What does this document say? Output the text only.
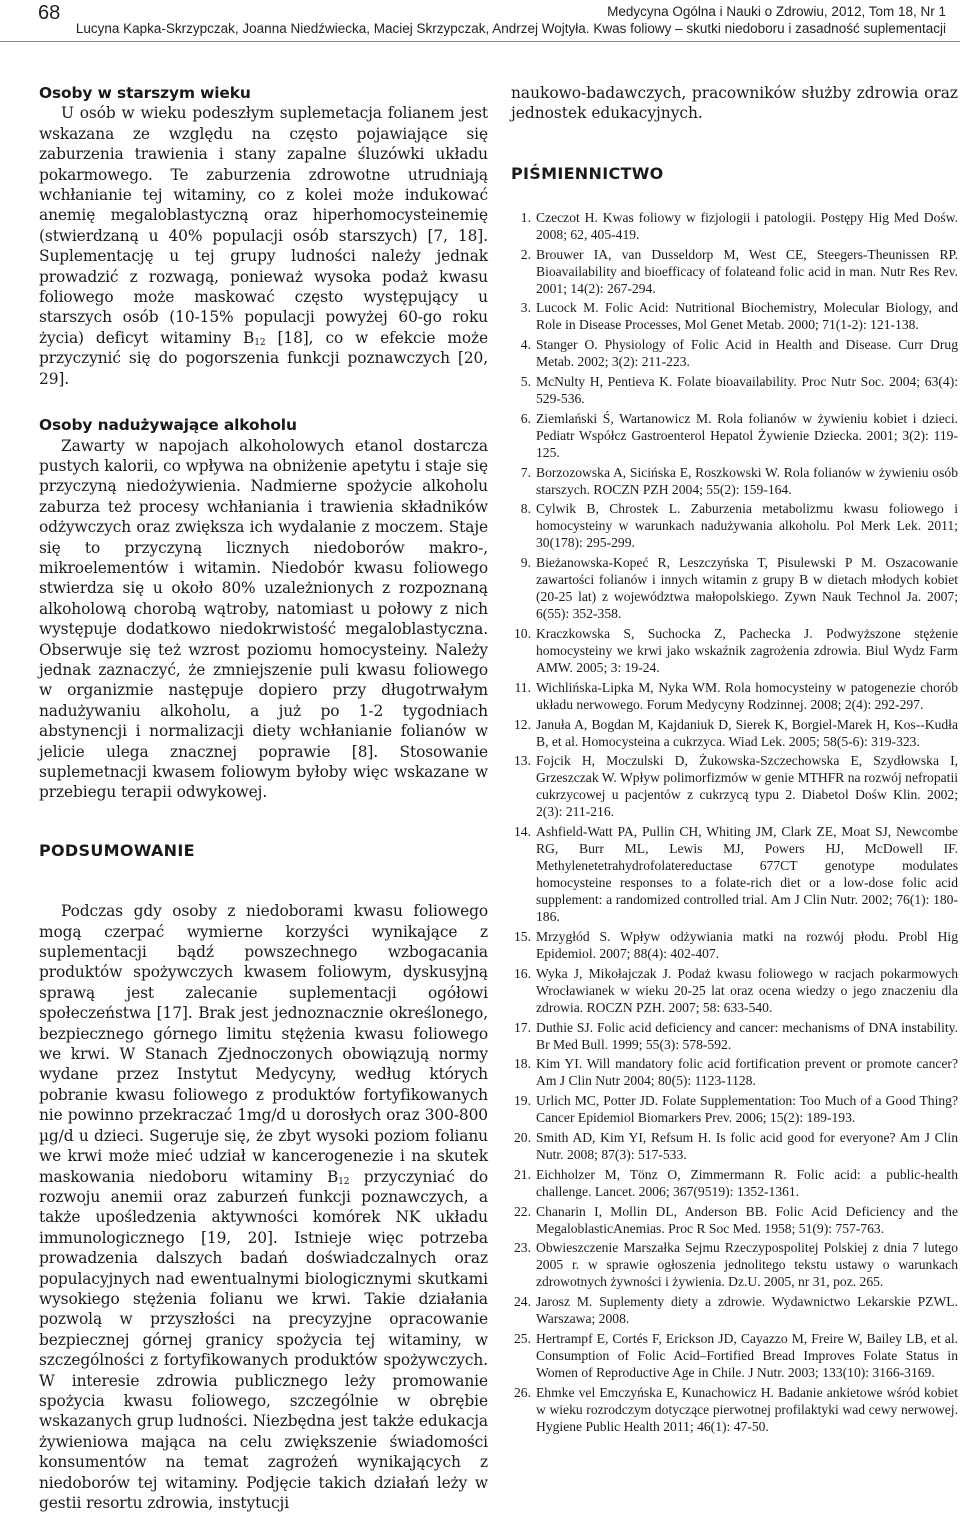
68	Medycyna Ogólna i Nauki o Zdrowiu, 2012, Tom 18, Nr 1
Lucyna Kapka-Skrzypczak, Joanna Niedźwiecka, Maciej Skrzypczak, Andrzej Wojtyła. Kwas foliowy – skutki niedoboru i zasadność suplementacji
Osoby w starszym wieku

U osób w wieku podeszłym suplemetacja folianem jest wskazana ze względu na często pojawiające się zaburzenia trawienia i stany zapalne śluzówki układu pokarmowego. Te zaburzenia zdrowotne utrudniają wchłanianie tej witaminy, co z kolei może indukować anemię megaloblastyczną oraz hiperhomocysteinemię (stwierdzaną u 40% populacji osób starszych) [7, 18]. Suplementację u tej grupy ludności należy jednak prowadzić z rozwagą, ponieważ wysoka podaż kwasu foliowego może maskować często występujący u starszych osób (10-15% populacji powyżej 60-go roku życia) deficyt witaminy $B_{12}$ [18], co w efekcie może przyczynić się do pogorszenia funkcji poznawczych [20, 29].

Osoby nadużywające alkoholu

Zawarty w napojach alkoholowych etanol dostarcza pustych kalorii, co wpływa na obniżenie apetytu i staje się przyczyną niedożywienia. Nadmierne spożycie alkoholu zaburza też procesy wchłaniania i trawienia składników odżywczych oraz zwiększa ich wydalanie z moczem. Staje się to przyczyną licznych niedoborów makro-, mikroelementów i witamin. Niedobór kwasu foliowego stwierdza się u około 80% uzależnionych z rozpoznaną alkoholową chorobą wątroby, natomiast u połowy z nich występuje dodatkowo niedokrwistość megaloblastyczna. Obserwuje się też wzrost poziomu homocysteiny. Należy jednak zaznaczyć, że zmniejszenie puli kwasu foliowego w organizmie następuje dopiero przy długotrwałym nadużywaniu alkoholu, a już po 1-2 tygodniach abstynencji i normalizacji diety wchłanianie folianów w jelicie ulega znacznej poprawie [8]. Stosowanie suplemetnacji kwasem foliowym byłoby więc wskazane w przebiegu terapii odwykowej.

PODSUMOWANIE

Podczas gdy osoby z niedoborami kwasu foliowego mogą czerpać wymierne korzyści wynikające z suplementacji bądź powszechnego wzbogacania produktów spożywczych kwasem foliowym, dyskusyjną sprawą jest zalecanie suplementacji ogółowi społeczeństwa [17]. Brak jest jednoznacznie określonego, bezpiecznego górnego limitu stężenia kwasu foliowego we krwi. W Stanach Zjednoczonych obowiązują normy wydane przez Instytut Medycyny, według których pobranie kwasu foliowego z produktów fortyfikowanych nie powinno przekraczać 1mg/d u dorosłych oraz 300-800 µg/d u dzieci. Sugeruje się, że zbyt wysoki poziom folianu we krwi może mieć udział w kancerogenezie i na skutek maskowania niedoboru witaminy $B_{12}$ przyczyniać do rozwoju anemii oraz zaburzeń funkcji poznawczych, a także upośledzenia aktywności komórek NK układu immunologicznego [19, 20]. Istnieje więc potrzeba prowadzenia dalszych badań doświadczalnych oraz populacyjnych nad ewentualnymi biologicznymi skutkami wysokiego stężenia folianu we krwi. Takie działania pozwolą w przyszłości na precyzyjne opracowanie bezpiecznej górnej granicy spożycia tej witaminy, w szczególności z fortyfikowanych produktów spożywczych. W interesie zdrowia publicznego leży promowanie spożycia kwasu foliowego, szczególnie w obrębie wskazanych grup ludności. Niezbędna jest także edukacja żywieniowa mająca na celu zwiększenie świadomości konsumentów na temat zagrożeń wynikających z niedoborów tej witaminy. Podjęcie takich działań leży w gestii resortu zdrowia, instytucji

naukowo-badawczych, pracowników służby zdrowia oraz jednostek edukacyjnych.

PIŚMIENNICTWO
1. Czeczot H. Kwas foliowy w fizjologii i patologii. Postępy Hig Med Dośw. 2008; 62, 405-419.
2. Brouwer IA, van Dusseldorp M, West CE, Steegers-Theunissen RP. Bioavailability and bioefficacy of folateand folic acid in man. Nutr Res Rev. 2001; 14(2): 267-294.
3. Lucock M. Folic Acid: Nutritional Biochemistry, Molecular Biology, and Role in Disease Processes, Mol Genet Metab. 2000; 71(1-2): 121-138.
4. Stanger O. Physiology of Folic Acid in Health and Disease. Curr Drug Metab. 2002; 3(2): 211-223.
5. McNulty H, Pentieva K. Folate bioavailability. Proc Nutr Soc. 2004; 63(4): 529-536.
6. Ziemlański Ś, Wartanowicz M. Rola folianów w żywieniu kobiet i dzieci. Pediatr Współcz Gastroenterol Hepatol Żywienie Dziecka. 2001; 3(2): 119-125.
7. Borzozowska A, Sicińska E, Roszkowski W. Rola folianów w żywieniu osób starszych. ROCZN PZH 2004; 55(2): 159-164.
8. Cylwik B, Chrostek L. Zaburzenia metabolizmu kwasu foliowego i homocysteiny w warunkach nadużywania alkoholu. Pol Merk Lek. 2011; 30(178): 295-299.
9. Bieżanowska-Kopeć R, Leszczyńska T, Pisulewski P M. Oszacowanie zawartości folianów i innych witamin z grupy B w dietach młodych kobiet (20-25 lat) z województwa małopolskiego. Zywn Nauk Technol Ja. 2007; 6(55): 352-358.
10. Kraczkowska S, Suchocka Z, Pachecka J. Podwyższone stężenie homocysteiny we krwi jako wskaźnik zagrożenia zdrowia. Biul Wydz Farm AMW. 2005; 3: 19-24.
11. Wichlińska-Lipka M, Nyka WM. Rola homocysteiny w patogenezie chorób układu nerwowego. Forum Medycyny Rodzinnej. 2008; 2(4): 292-297.
12. Januła A, Bogdan M, Kajdaniuk D, Sierek K, Borgiel-Marek H, Kos--Kudła B, et al. Homocysteina a cukrzyca. Wiad Lek. 2005; 58(5-6): 319-323.
13. Fojcik H, Moczulski D, Żukowska-Szczechowska E, Szydłowska I, Grzeszczak W. Wpływ polimorfizmów w genie MTHFR na rozwój nefropatii cukrzycowej u pacjentów z cukrzycą typu 2. Diabetol Dośw Klin. 2002; 2(3): 211-216.
14. Ashfield-Watt PA, Pullin CH, Whiting JM, Clark ZE, Moat SJ, Newcombe RG, Burr ML, Lewis MJ, Powers HJ, McDowell IF. Methylenetetrahydrofolatereductase 677CT genotype modulates homocysteine responses to a folate-rich diet or a low-dose folic acid supplement: a randomized controlled trial. Am J Clin Nutr. 2002; 76(1): 180-186.
15. Mrzygłód S. Wpływ odżywiania matki na rozwój płodu. Probl Hig Epidemiol. 2007; 88(4): 402-407.
16. Wyka J, Mikołajczak J. Podaż kwasu foliowego w racjach pokarmowych Wrocławianek w wieku 20-25 lat oraz ocena wiedzy o jego znaczeniu dla zdrowia. ROCZN PZH. 2007; 58: 633-540.
17. Duthie SJ. Folic acid deficiency and cancer: mechanisms of DNA instability. Br Med Bull. 1999; 55(3): 578-592.
18. Kim YI. Will mandatory folic acid fortification prevent or promote cancer? Am J Clin Nutr 2004; 80(5): 1123-1128.
19. Urlich MC, Potter JD. Folate Supplementation: Too Much of a Good Thing? Cancer Epidemiol Biomarkers Prev. 2006; 15(2): 189-193.
20. Smith AD, Kim YI, Refsum H. Is folic acid good for everyone? Am J Clin Nutr. 2008; 87(3): 517-533.
21. Eichholzer M, Tönz O, Zimmermann R. Folic acid: a public-health challenge. Lancet. 2006; 367(9519): 1352-1361.
22. Chanarin I, Mollin DL, Anderson BB. Folic Acid Deficiency and the MegaloblasticAnemias. Proc R Soc Med. 1958; 51(9): 757-763.
23. Obwieszczenie Marszałka Sejmu Rzeczypospolitej Polskiej z dnia 7 lutego 2005 r. w sprawie ogłoszenia jednolitego tekstu ustawy o warunkach zdrowotnych żywności i żywienia. Dz.U. 2005, nr 31, poz. 265.
24. Jarosz M. Suplementy diety a zdrowie. Wydawnictwo Lekarskie PZWL. Warszawa; 2008.
25. Hertrampf E, Cortés F, Erickson JD, Cayazzo M, Freire W, Bailey LB, et al. Consumption of Folic Acid–Fortified Bread Improves Folate Status in Women of Reproductive Age in Chile. J Nutr. 2003; 133(10): 3166-3169.
26. Ehmke vel Emczyńska E, Kunachowicz H. Badanie ankietowe wśród kobiet w wieku rozrodczym dotyczące pierwotnej profilaktyki wad cewy nerwowej. Hygiene Public Health 2011; 46(1): 47-50.
